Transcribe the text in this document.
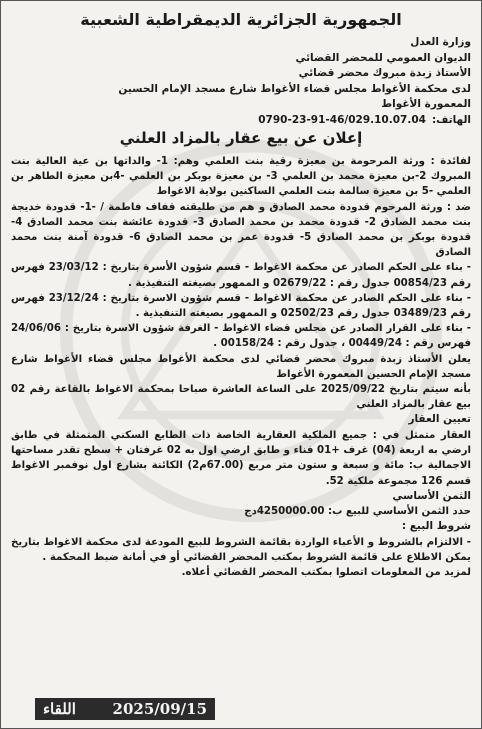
الجمهورية الجزائرية الديمقراطية الشعبية

وزارة العدل

الديوان العمومي للمحضر القضائي

الأستاذ زبدة مبروك محضر قضائي

لدى محكمة الأغواط مجلس قضاء الأغواط شارع مسجد الإمام الحسين

المعمورة الأغواط

الهاتف:
0790-23-91-46/029.10.07.04
إعلان عن بيع عقار بالمزاد العلني

لفائدة : ورثة المرحومة بن معيزة رقية بنت العلمي وهم: 1- والداتها بن عية العالية بنت المبروك 2-بن معيزة محمد بن العلمي 3- بن معيزة بوبكر بن العلمي -4بن معيزة الطاهر بن العلمي -5 بن معيزة سالمة بنت العلمي الساكنين بولاية الاغواط

ضد : ورثة المرحوم قدودة محمد الصادق و هم من طليقته قفاف فاطمة / -1- قدودة خديجة بنت محمد الصادق 2- قدودة محمد بن محمد الصادق 3- قدودة عائشة بنت محمد الصادق 4- قدودة بوبكر بن محمد الصادق 5- قدودة عمر بن محمد الصادق 6- قدودة آمنة بنت محمد الصادق

- بناء على الحكم الصادر عن محكمة الاغواط - قسم شؤون الأسرة بتاريخ : 23/03/12 فهرس رقم 00854/23 جدول رقم : 02679/22 و الممهور بصيغته التنفيذية .

- بناء على الحكم الصادر عن محكمة الاغواط - قسم شؤون الاسرة بتاريخ : 23/12/24 فهرس رقم 03489/23 جدول رقم 02502/23 و الممهور بصيغته التنفيذية .

- بناء على القرار الصادر عن مجلس قضاء الاغواط - الغرفة شؤون الاسرة بتاريخ : 24/06/06 فهرس رقم : 00449/24 ، جدول رقم : 00158/24 .

يعلن الأستاذ زبدة مبروك محضر قضائي لدى محكمة الأغواط مجلس قضاء الأغواط شارع مسجد الإمام الحسين المعمورة الأغواط

بأنه سيتم بتاريخ 2025/09/22 على الساعة العاشرة صباحا بمحكمة الاغواط بالقاعة رقم 02 بيع عقار بالمزاد العلني

تعيين العقار

العقار متمثل في : جميع الملكية العقارية الخاصة ذات الطابع السكني المتمثلة في طابق ارضي به اربعة (04) غرف +01 فناء و طابق ارضي اول به 02 غرفتان + سطح تقدر مساحتها الاجمالية ب: مائة و سبعة و ستون متر مربع (67.00م2) الكائنة بشارع اول نوفمبر الاغواط قسم 126 مجموعة ملكية 52.

الثمن الأساسي

حدد الثمن الأساسي للبيع ب: 4250000.00دج

شروط البيع :

- الالتزام بالشروط و الأعباء الواردة بقائمة الشروط للبيع المودعة لدى محكمة الاغواط بتاريخ يمكن الاطلاع على قائمة الشروط بمكتب المحضر القضائي أو في أمانة ضبط المحكمة .

لمزيد من المعلومات اتصلوا بمكتب المحضر القضائي أعلاه.

اللقاء 2025/09/15
